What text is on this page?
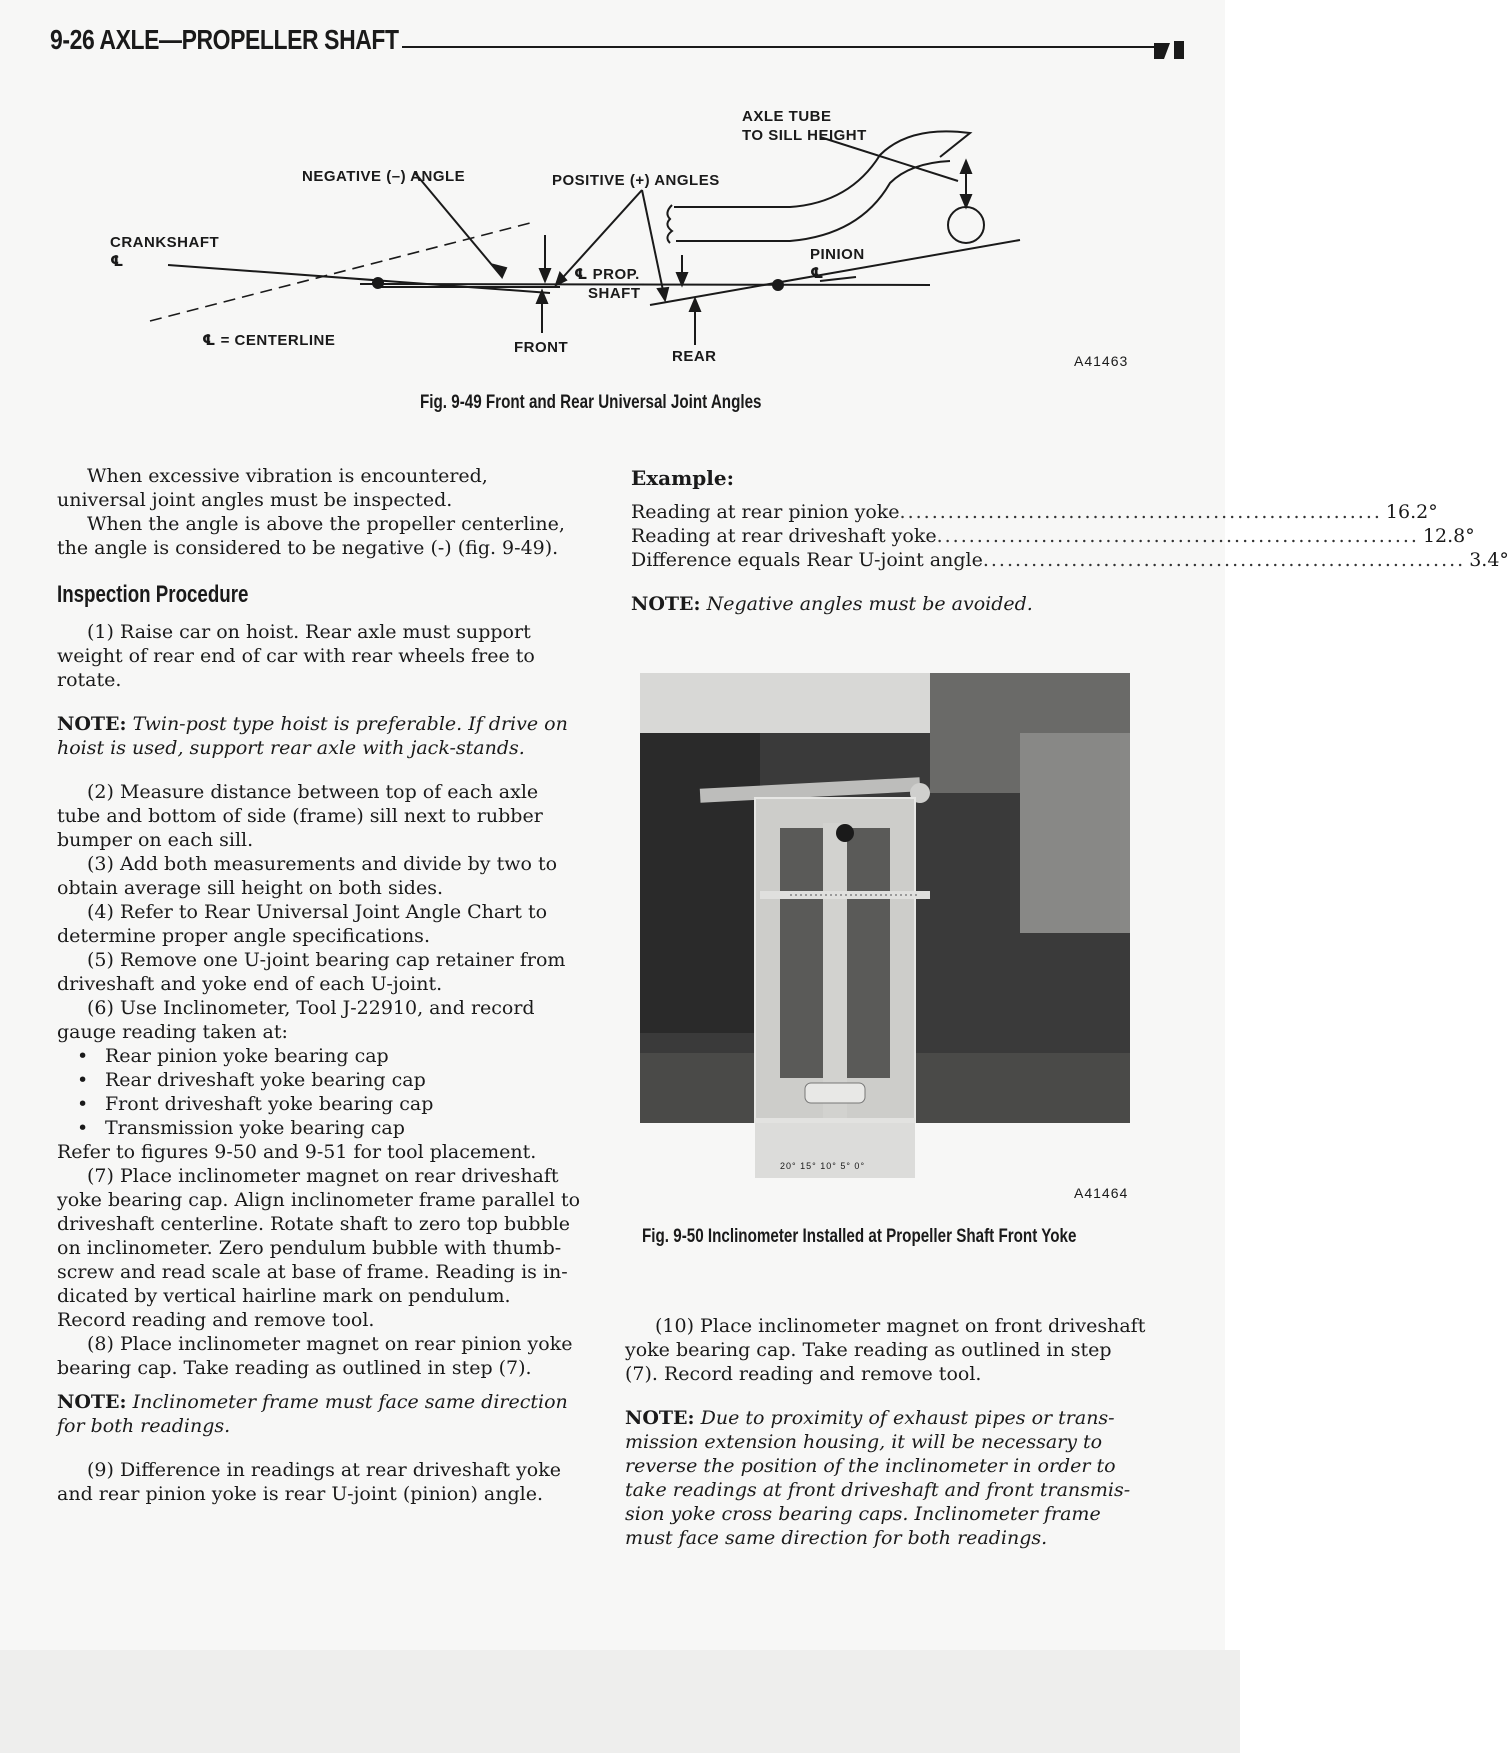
9-26 AXLE—PROPELLER SHAFT
AXLE TUBE
TO SILL HEIGHT
NEGATIVE (–) ANGLE	POSITIVE (+) ANGLES
CRANKSHAFT
℄	PINION
℄
℄ PROP.
SHAFT
℄ = CENTERLINE	FRONT
REAR	A41463
Fig. 9-49 Front and Rear Universal Joint Angles

When excessive vibration is encountered, universal joint angles must be inspected.

When the angle is above the propeller centerline, the angle is considered to be negative (-) (fig. 9-49).

Inspection Procedure

(1) Raise car on hoist. Rear axle must support weight of rear end of car with rear wheels free to rotate.

NOTE: Twin-post type hoist is preferable. If drive on hoist is used, support rear axle with jack-stands.

(2) Measure distance between top of each axle tube and bottom of side (frame) sill next to rubber bumper on each sill.

(3) Add both measurements and divide by two to obtain average sill height on both sides.

(4) Refer to Rear Universal Joint Angle Chart to determine proper angle specifications.

(5) Remove one U-joint bearing cap retainer from driveshaft and yoke end of each U-joint.

(6) Use Inclinometer, Tool J-22910, and record gauge reading taken at:

• Rear pinion yoke bearing cap
• Rear driveshaft yoke bearing cap
• Front driveshaft yoke bearing cap
• Transmission yoke bearing cap

Refer to figures 9-50 and 9-51 for tool placement.

(7) Place inclinometer magnet on rear driveshaft yoke bearing cap. Align inclinometer frame parallel to driveshaft centerline. Rotate shaft to zero top bubble on inclinometer. Zero pendulum bubble with thumb-screw and read scale at base of frame. Reading is in-dicated by vertical hairline mark on pendulum. Record reading and remove tool.

(8) Place inclinometer magnet on rear pinion yoke bearing cap. Take reading as outlined in step (7).

NOTE: Inclinometer frame must face same direction for both readings.

(9) Difference in readings at rear driveshaft yoke and rear pinion yoke is rear U-joint (pinion) angle.

Example:

Reading at rear pinion yoke ............................................................ 16.2°
Reading at rear driveshaft yoke ............................................................ 12.8°
Difference equals Rear U-joint angle ............................................................ 3.4°

NOTE: Negative angles must be avoided.

20° 15° 10° 5° 0°
A41464
Fig. 9-50 Inclinometer Installed at Propeller Shaft Front Yoke

(10) Place inclinometer magnet on front driveshaft yoke bearing cap. Take reading as outlined in step (7). Record reading and remove tool.

NOTE: Due to proximity of exhaust pipes or trans-mission extension housing, it will be necessary to reverse the position of the inclinometer in order to take readings at front driveshaft and front transmis-sion yoke cross bearing caps. Inclinometer frame must face same direction for both readings.
